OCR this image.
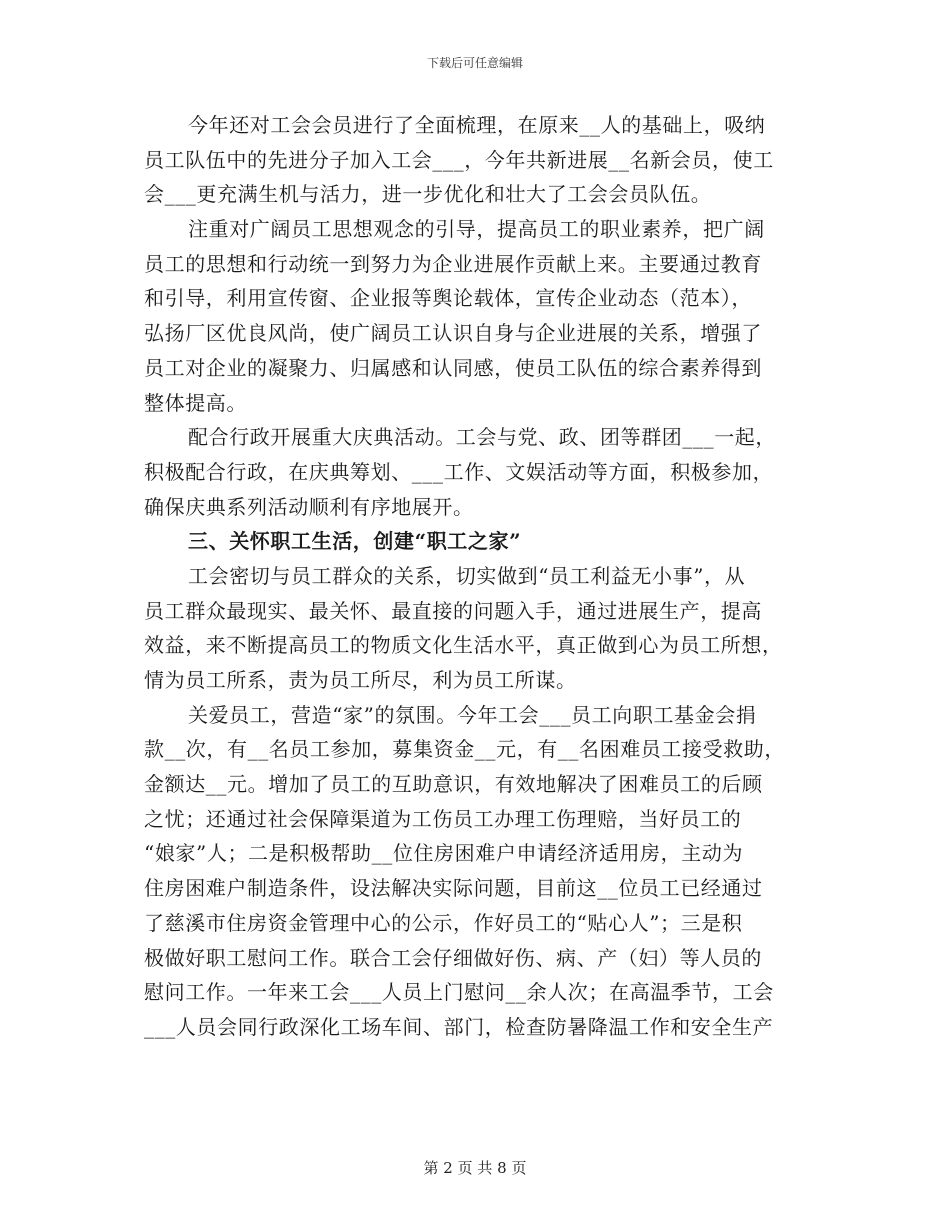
下载后可任意编辑
今年还对工会会员进行了全面梳理，在原来__人的基础上，吸纳
员工队伍中的先进分子加入工会___，今年共新进展__名新会员，使工
会___更充满生机与活力，进一步优化和壮大了工会会员队伍。
注重对广阔员工思想观念的引导，提高员工的职业素养，把广阔
员工的思想和行动统一到努力为企业进展作贡献上来。主要通过教育
和引导，利用宣传窗、企业报等舆论载体，宣传企业动态（范本），
弘扬厂区优良风尚，使广阔员工认识自身与企业进展的关系，增强了
员工对企业的凝聚力、归属感和认同感，使员工队伍的综合素养得到
整体提高。
配合行政开展重大庆典活动。工会与党、政、团等群团___一起，
积极配合行政，在庆典筹划、___工作、文娱活动等方面，积极参加，
确保庆典系列活动顺利有序地展开。
三、关怀职工生活，创建“职工之家”
工会密切与员工群众的关系，切实做到“员工利益无小事”，从
员工群众最现实、最关怀、最直接的问题入手，通过进展生产，提高
效益，来不断提高员工的物质文化生活水平，真正做到心为员工所想，
情为员工所系，责为员工所尽，利为员工所谋。
关爱员工，营造“家”的氛围。今年工会___员工向职工基金会捐
款__次，有__名员工参加，募集资金__元，有__名困难员工接受救助，
金额达__元。增加了员工的互助意识，有效地解决了困难员工的后顾
之忧；还通过社会保障渠道为工伤员工办理工伤理赔，当好员工的
“娘家”人；二是积极帮助__位住房困难户申请经济适用房，主动为
住房困难户制造条件，设法解决实际问题，目前这__位员工已经通过
了慈溪市住房资金管理中心的公示，作好员工的“贴心人”；三是积
极做好职工慰问工作。联合工会仔细做好伤、病、产（妇）等人员的
慰问工作。一年来工会___人员上门慰问__余人次；在高温季节，工会
___人员会同行政深化工场车间、部门，检查防暑降温工作和安全生产
第 2 页 共 8 页
